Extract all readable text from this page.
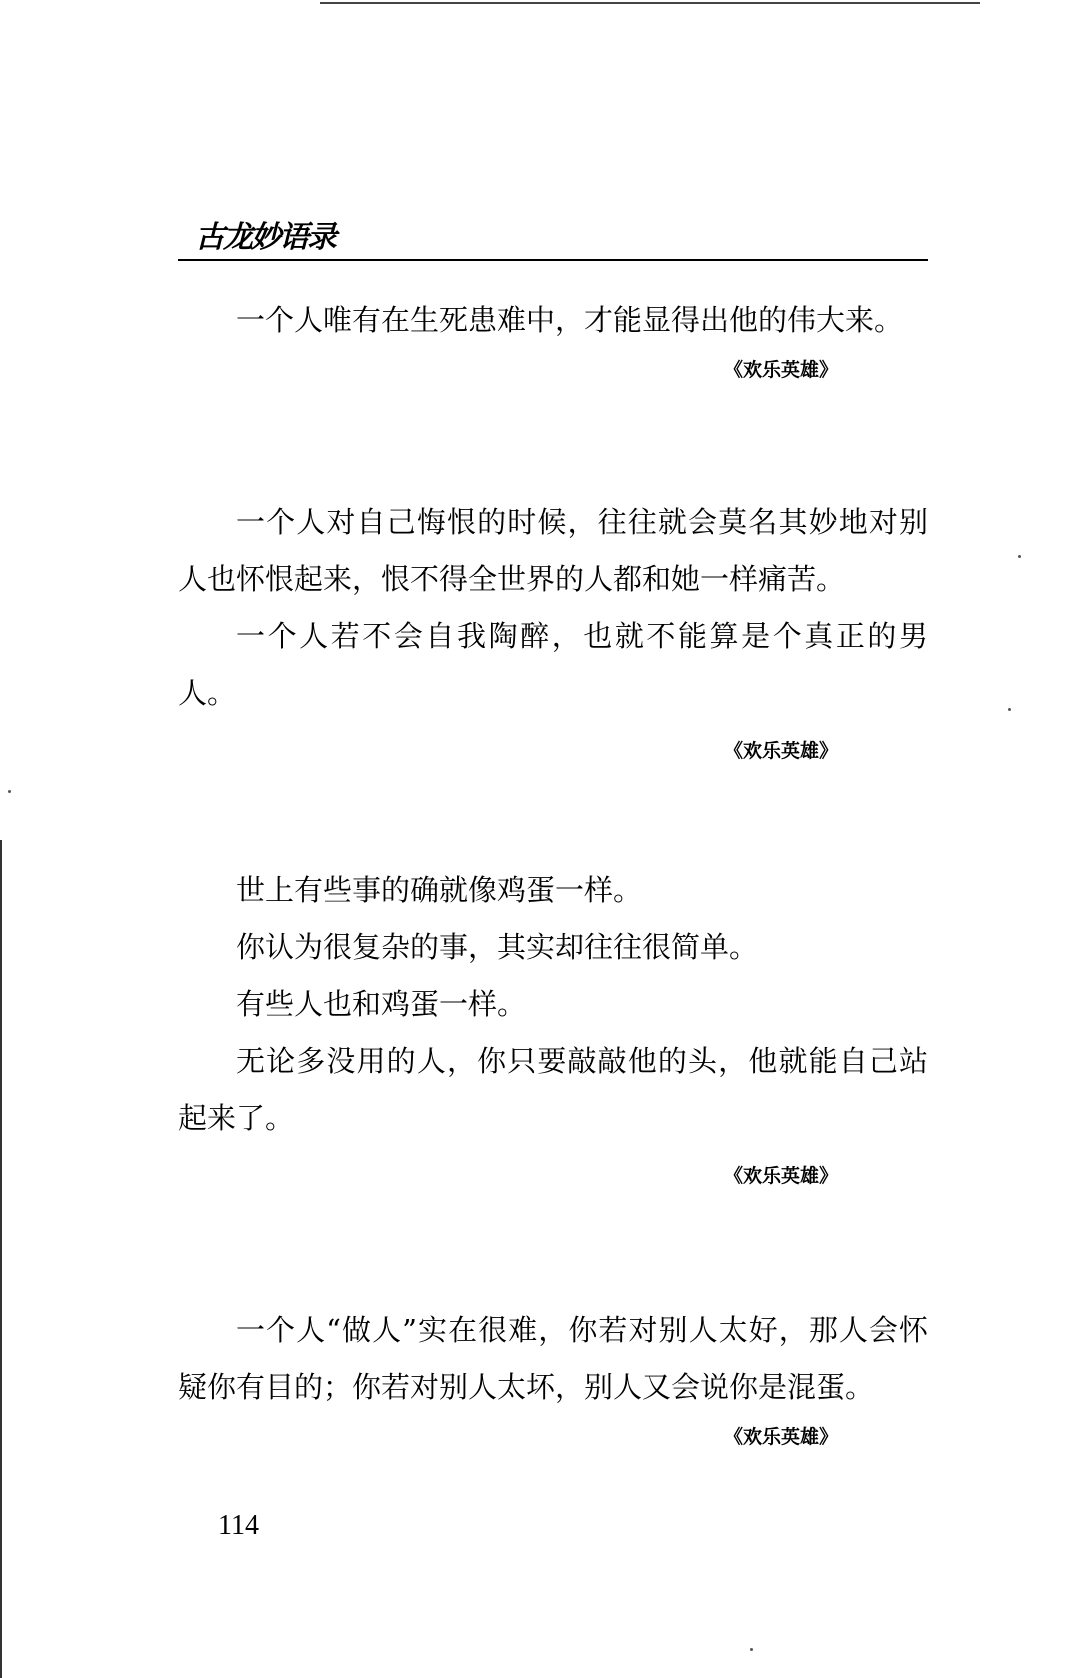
古龙妙语录

一个人唯有在生死患难中，才能显得出他的伟大来。

《欢乐英雄》

一个人对自己悔恨的时候，往往就会莫名其妙地对别人也怀恨起来，恨不得全世界的人都和她一样痛苦。

一个人若不会自我陶醉，也就不能算是个真正的男人。

《欢乐英雄》

世上有些事的确就像鸡蛋一样。

你认为很复杂的事，其实却往往很简单。

有些人也和鸡蛋一样。

无论多没用的人，你只要敲敲他的头，他就能自己站起来了。

《欢乐英雄》

一个人“做人”实在很难，你若对别人太好，那人会怀疑你有目的；你若对别人太坏，别人又会说你是混蛋。

《欢乐英雄》
114
